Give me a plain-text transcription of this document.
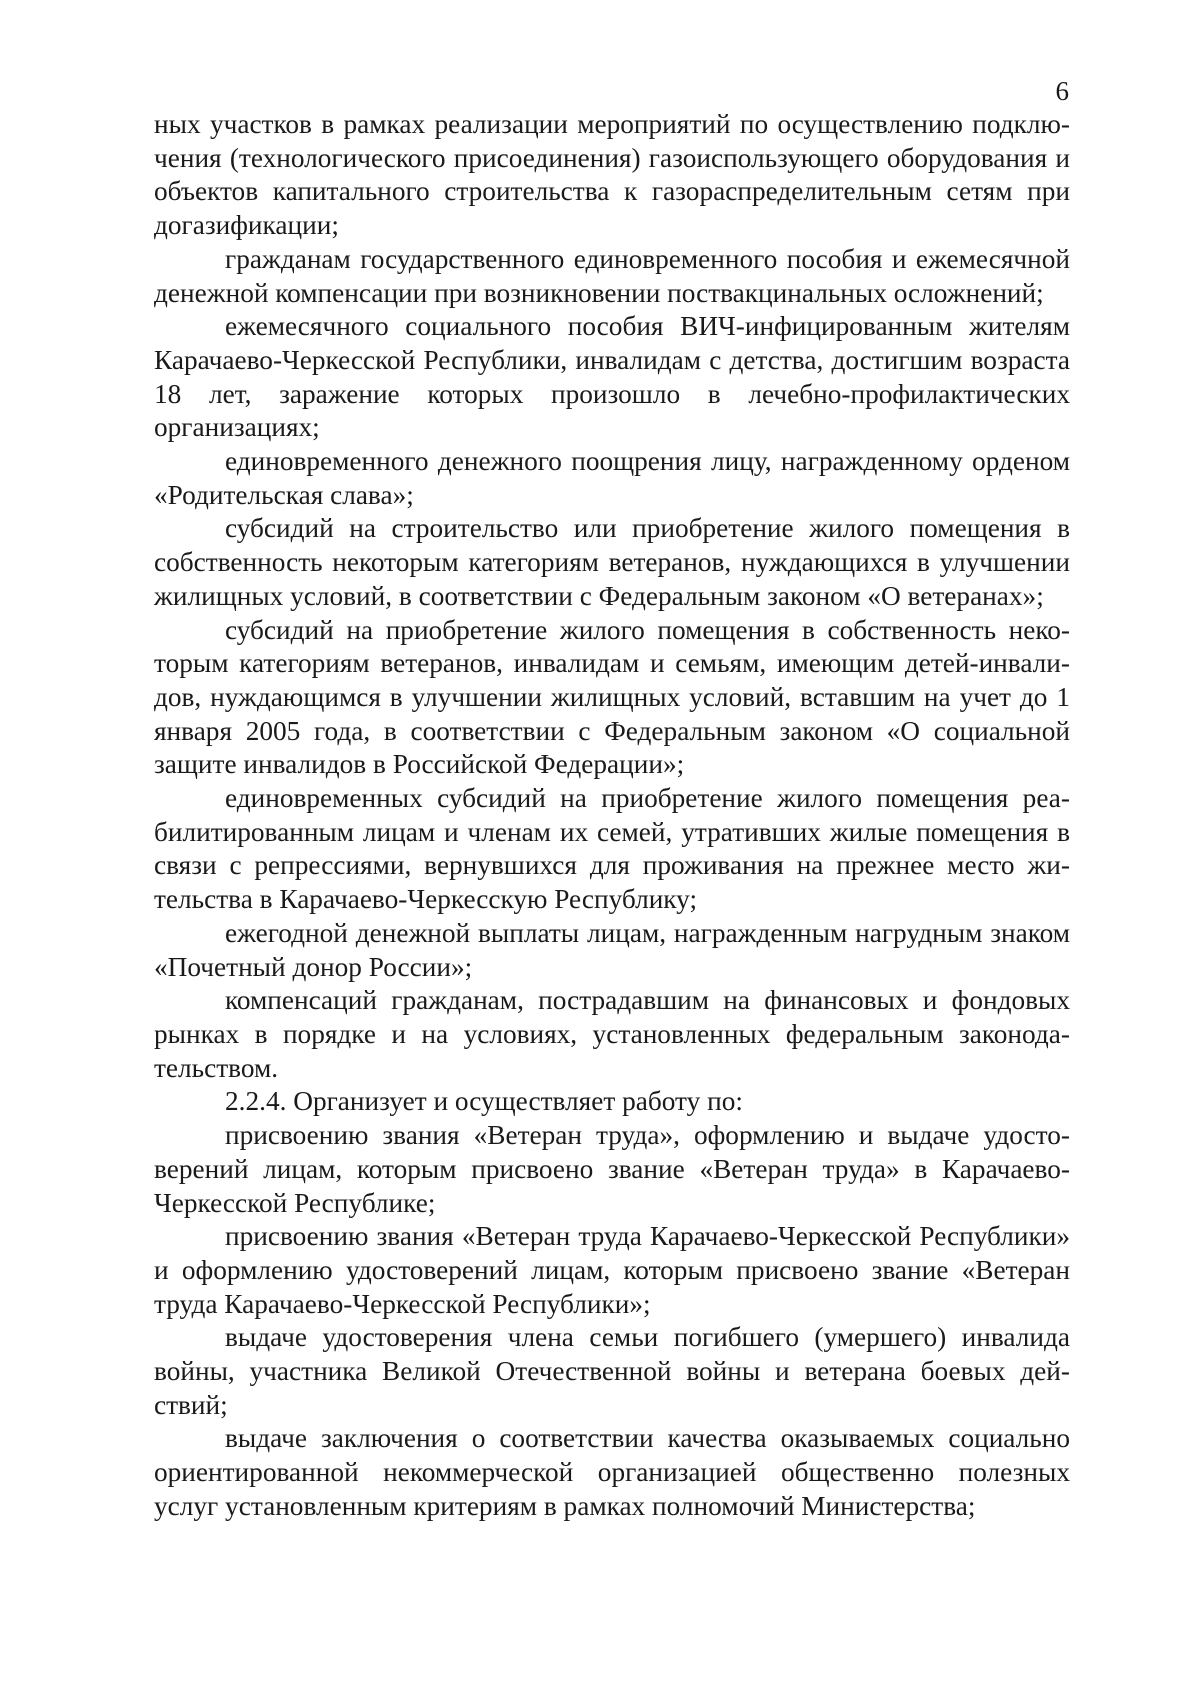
6

ных участков в рамках реализации мероприятий по осуществлению подключения (технологического присоединения) газоиспользующего оборудования и объектов капитального строительства к газораспределительным сетям при догазификации;

гражданам государственного единовременного пособия и ежемесячной денежной компенсации при возникновении поствакцинальных осложнений;

ежемесячного социального пособия ВИЧ-инфицированным жителям Карачаево-Черкесской Республики, инвалидам с детства, достигшим возраста 18 лет, заражение которых произошло в лечебно-профилактических организациях;

единовременного денежного поощрения лицу, награжденному орденом «Родительская слава»;

субсидий на строительство или приобретение жилого помещения в собственность некоторым категориям ветеранов, нуждающихся в улучшении жилищных условий, в соответствии с Федеральным законом «О ветеранах»;

субсидий на приобретение жилого помещения в собственность некоторым категориям ветеранов, инвалидам и семьям, имеющим детей-инвалидов, нуждающимся в улучшении жилищных условий, вставшим на учет до 1 января 2005 года, в соответствии с Федеральным законом «О социальной защите инвалидов в Российской Федерации»;

единовременных субсидий на приобретение жилого помещения реабилитированным лицам и членам их семей, утративших жилые помещения в связи с репрессиями, вернувшихся для проживания на прежнее место жительства в Карачаево-Черкесскую Республику;

ежегодной денежной выплаты лицам, награжденным нагрудным знаком «Почетный донор России»;

компенсаций гражданам, пострадавшим на финансовых и фондовых рынках в порядке и на условиях, установленных федеральным законодательством.

2.2.4. Организует и осуществляет работу по:

присвоению звания «Ветеран труда», оформлению и выдаче удостоверений лицам, которым присвоено звание «Ветеран труда» в Карачаево-Черкесской Республике;

присвоению звания «Ветеран труда Карачаево-Черкесской Республики» и оформлению удостоверений лицам, которым присвоено звание «Ветеран труда Карачаево-Черкесской Республики»;

выдаче удостоверения члена семьи погибшего (умершего) инвалида войны, участника Великой Отечественной войны и ветерана боевых действий;

выдаче заключения о соответствии качества оказываемых социально ориентированной некоммерческой организацией общественно полезных услуг установленным критериям в рамках полномочий Министерства;
